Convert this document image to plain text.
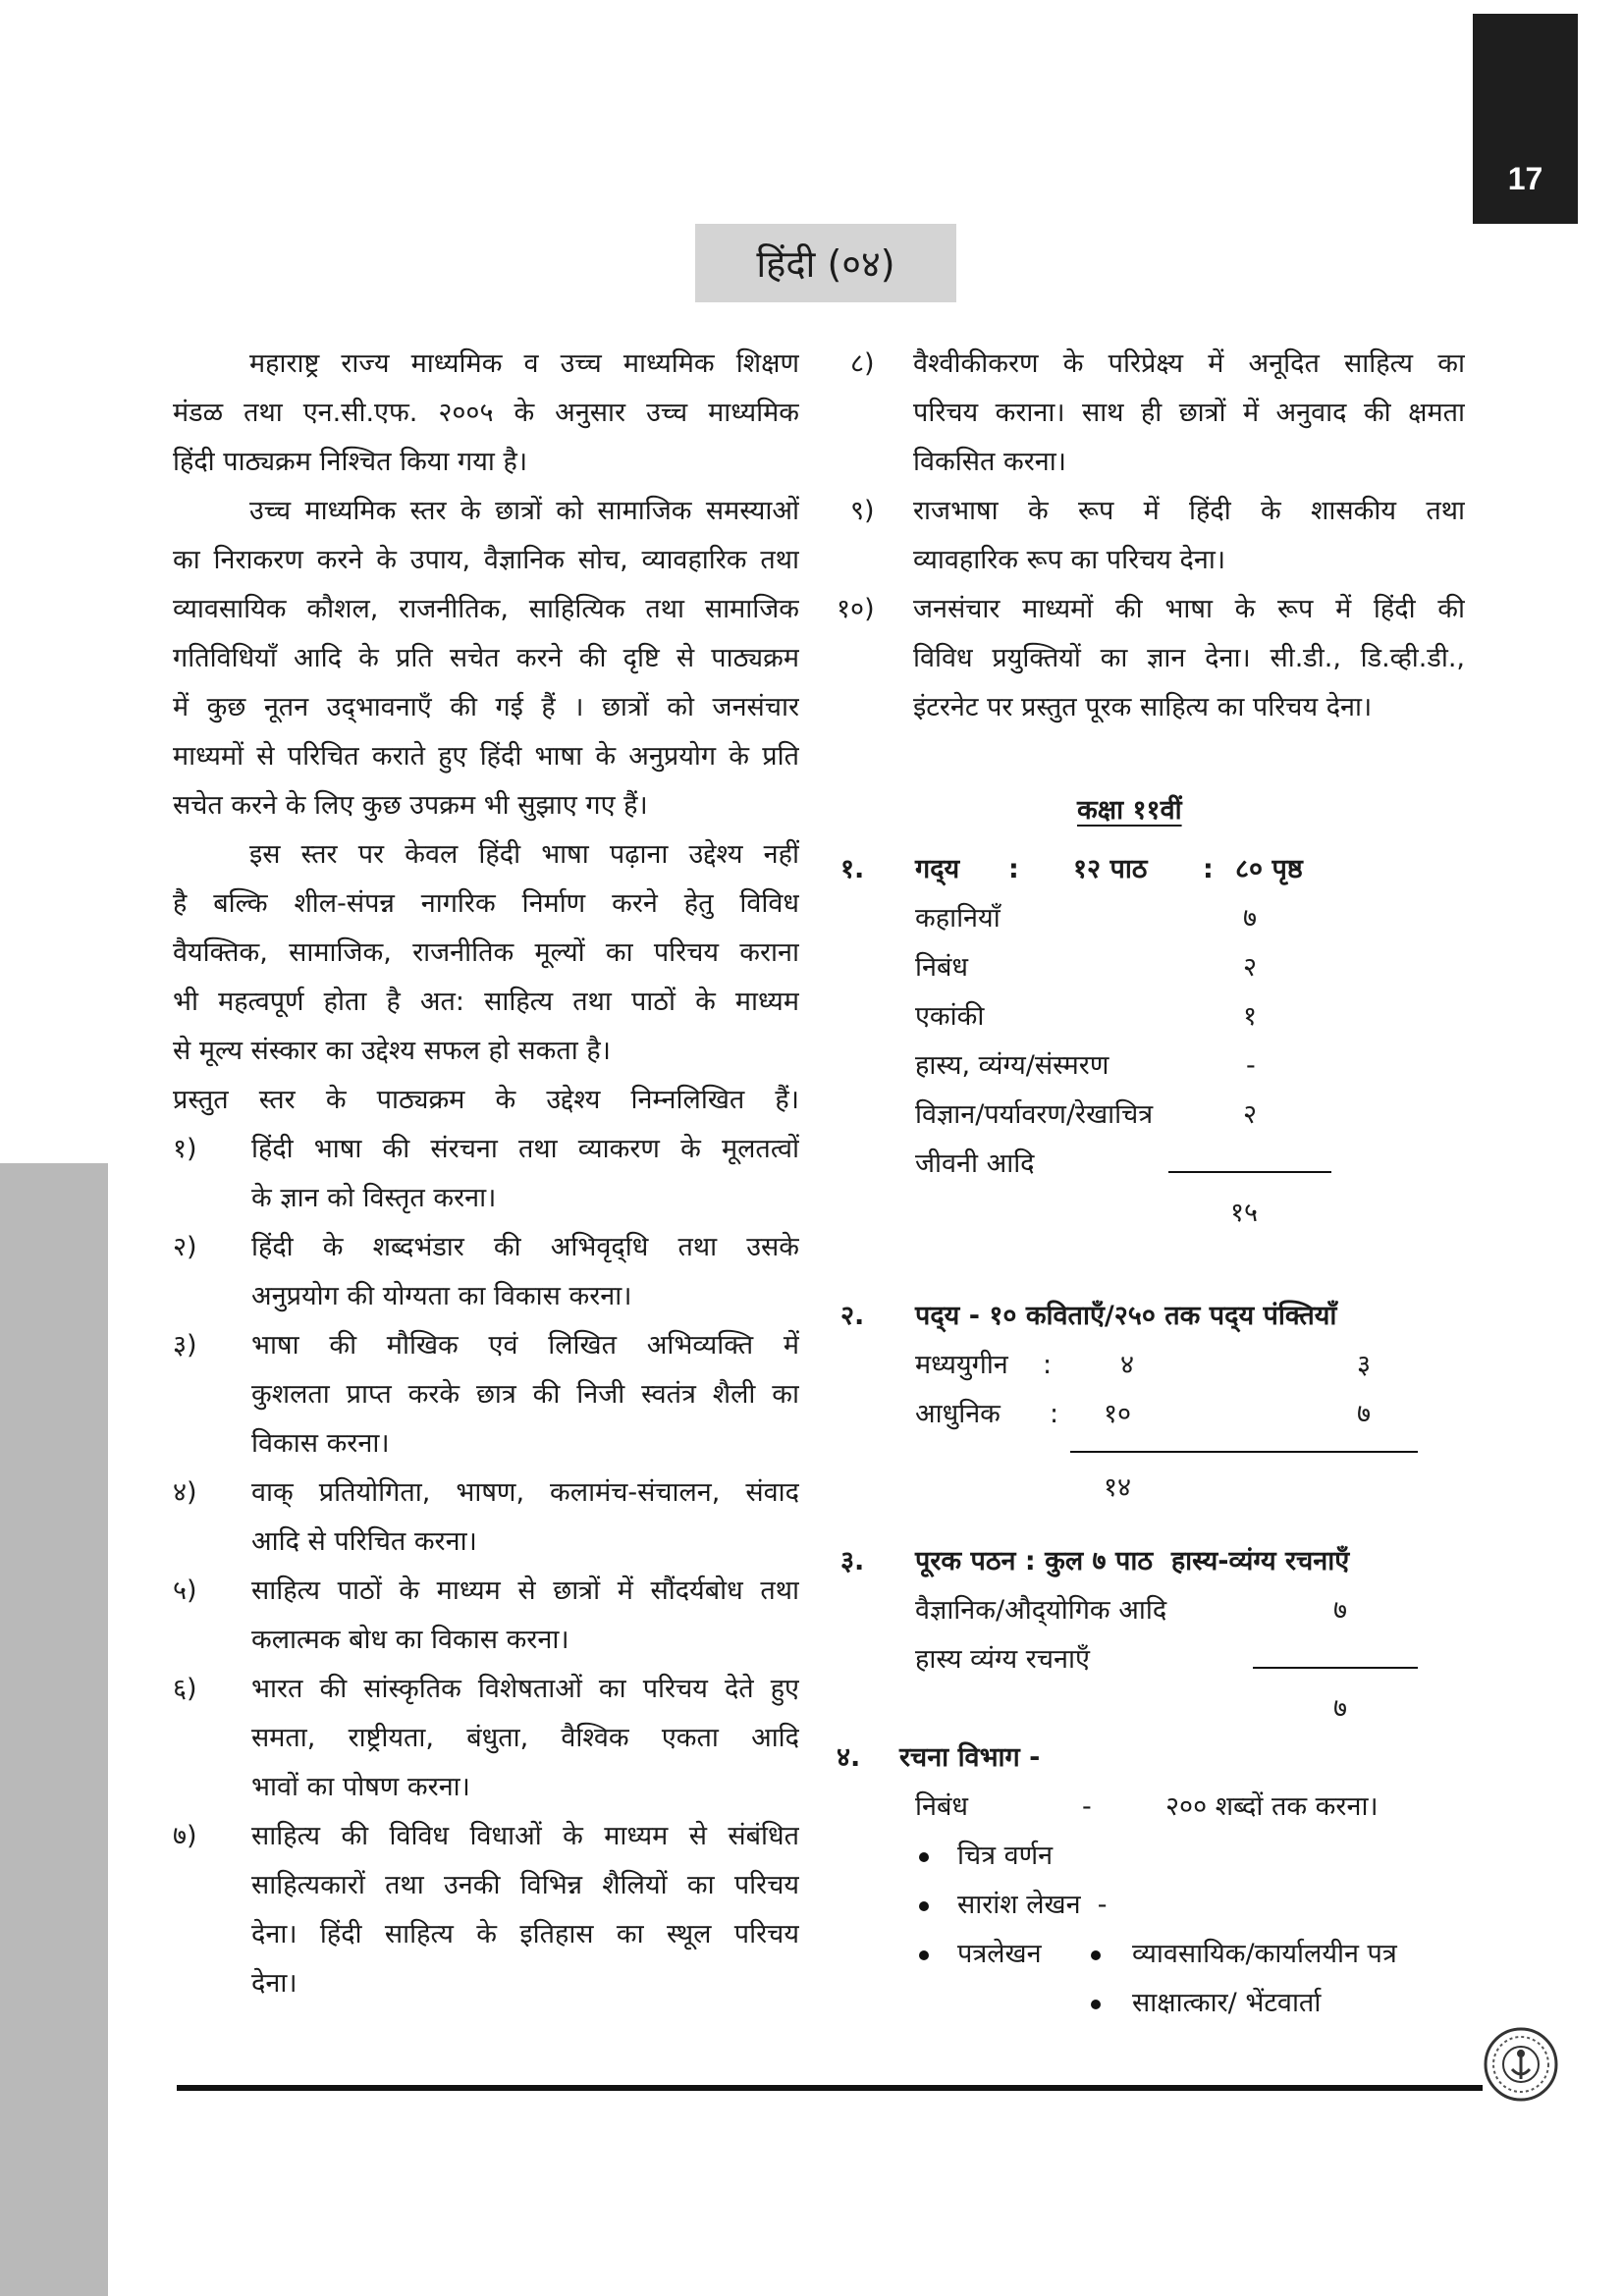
17
हिंदी (०४)
महाराष्ट्र राज्य माध्यमिक व उच्च माध्यमिक शिक्षण
मंडळ तथा एन.सी.एफ. २००५ के अनुसार उच्च माध्यमिक
हिंदी पाठ्यक्रम निश्चित किया गया है।
उच्च माध्यमिक स्तर के छात्रों को सामाजिक समस्याओं
का निराकरण करने के उपाय, वैज्ञानिक सोच, व्यावहारिक तथा
व्यावसायिक कौशल, राजनीतिक, साहित्यिक तथा सामाजिक
गतिविधियाँ आदि के प्रति सचेत करने की दृष्टि से पाठ्यक्रम
में कुछ नूतन उद्‌भावनाएँ की गई हैं । छात्रों को जनसंचार
माध्यमों से परिचित कराते हुए हिंदी भाषा के अनुप्रयोग के प्रति
सचेत करने के लिए कुछ उपक्रम भी सुझाए गए हैं।
इस स्तर पर केवल हिंदी भाषा पढ़ाना उद्देश्य नहीं
है बल्कि शील-संपन्न नागरिक निर्माण करने हेतु विविध
वैयक्तिक, सामाजिक, राजनीतिक मूल्यों का परिचय कराना
भी महत्वपूर्ण होता है अत: साहित्य तथा पाठों के माध्यम
से मूल्य संस्कार का उद्देश्य सफल हो सकता है।
प्रस्तुत स्तर के पाठ्यक्रम के उद्देश्य निम्नलिखित हैं।
१) हिंदी भाषा की संरचना तथा व्याकरण के मूलतत्वों
के ज्ञान को विस्तृत करना।
२) हिंदी के शब्दभंडार की अभिवृद्‌धि तथा उसके
अनुप्रयोग की योग्यता का विकास करना।
३) भाषा की मौखिक एवं लिखित अभिव्यक्ति में
कुशलता प्राप्त करके छात्र की निजी स्वतंत्र शैली का
विकास करना।
४) वाक्‌ प्रतियोगिता, भाषण, कलामंच-संचालन, संवाद
आदि से परिचित करना।
५) साहित्य पाठों के माध्यम से छात्रों में सौंदर्यबोध तथा
कलात्मक बोध का विकास करना।
६) भारत की सांस्कृतिक विशेषताओं का परिचय देते हुए
समता, राष्ट्रीयता, बंधुता, वैश्विक एकता आदि
भावों का पोषण करना।
७) साहित्य की विविध विधाओं के माध्यम से संबंधित
साहित्यकारों तथा उनकी विभिन्न शैलियों का परिचय
देना। हिंदी साहित्य के इतिहास का स्थूल परिचय
देना।
८) वैश्वीकीकरण के परिप्रेक्ष्य में अनूदित साहित्य का
परिचय कराना। साथ ही छात्रों में अनुवाद की क्षमता
विकसित करना।
९) राजभाषा के रूप में हिंदी के शासकीय तथा
व्यावहारिक रूप का परिचय देना।
१०) जनसंचार माध्यमों की भाषा के रूप में हिंदी की
विविध प्रयुक्तियों का ज्ञान देना। सी.डी., डि.व्ही.डी.,
इंटरनेट पर प्रस्तुत पूरक साहित्य का परिचय देना।
कक्षा ११वीं
१. गद्‌य : १२ पाठ : ८० पृष्ठ
कहानियाँ	७
निबंध	२
एकांकी	१
हास्य, व्यंग्य/संस्मरण	-
विज्ञान/पर्यावरण/रेखाचित्र	२
जीवनी आदि
१५
२. पद्‌य - १० कविताएँ/२५० तक पद्‌य पंक्तियाँ
मध्ययुगीन :	४	३
आधुनिक : १०	७
१४
३. पूरक पठन : कुल ७ पाठ  हास्य-व्यंग्य रचनाएँ
वैज्ञानिक/औद्‌योगिक आदि	७
हास्य व्यंग्य रचनाएँ
७
४. रचना विभाग -
निबंध	-	२०० शब्दों तक करना।
चित्र वर्णन
सारांश लेखन  -
पत्रलेखन	व्यावसायिक/कार्यालयीन पत्र
साक्षात्कार/ भेंटवार्ता
